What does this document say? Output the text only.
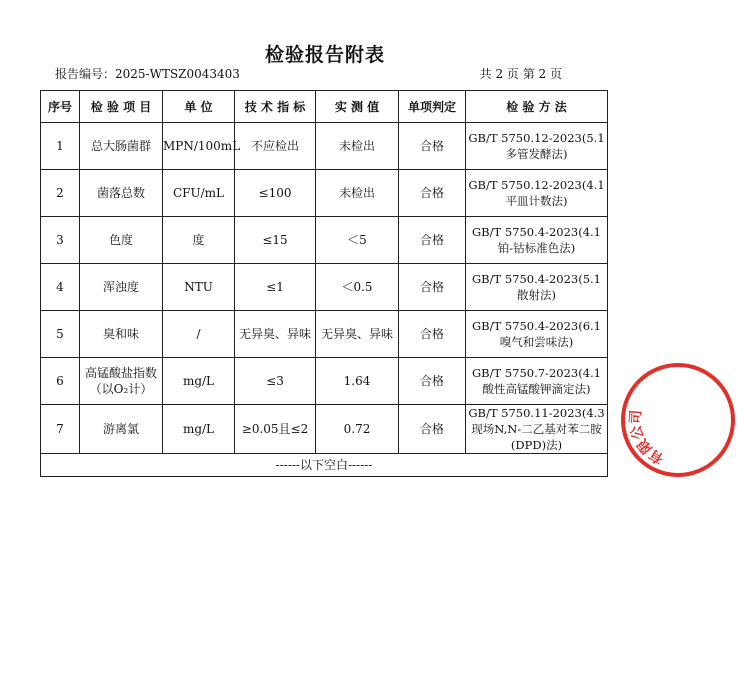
检验报告附表
报告编号：2025-WTSZ0043403	共 2 页 第 2 页
序号	检 验 项 目	单 位	技 术 指 标	实 测 值	单项判定	检 验 方 法
1	总大肠菌群	MPN/100mL	不应检出	未检出	合格	GB/T 5750.12-2023(5.1多管发酵法)
2	菌落总数	CFU/mL	≤100	未检出	合格	GB/T 5750.12-2023(4.1平皿计数法)
3	色度	度	≤15	＜5	合格	GB/T 5750.4-2023(4.1铂-钴标准色法)
4	浑浊度	NTU	≤1	＜0.5	合格	GB/T 5750.4-2023(5.1散射法)
5	臭和味	/	无异臭、异味	无异臭、异味	合格	GB/T 5750.4-2023(6.1嗅气和尝味法)
6	高锰酸盐指数（以O₂计）	mg/L	≤3	1.64	合格	GB/T 5750.7-2023(4.1酸性高锰酸钾滴定法)
7	游离氯	mg/L	≥0.05且≤2	0.72	合格	GB/T 5750.11-2023(4.3现场N,N-二乙基对苯二胺(DPD)法)
------以下空白------							有限公司
